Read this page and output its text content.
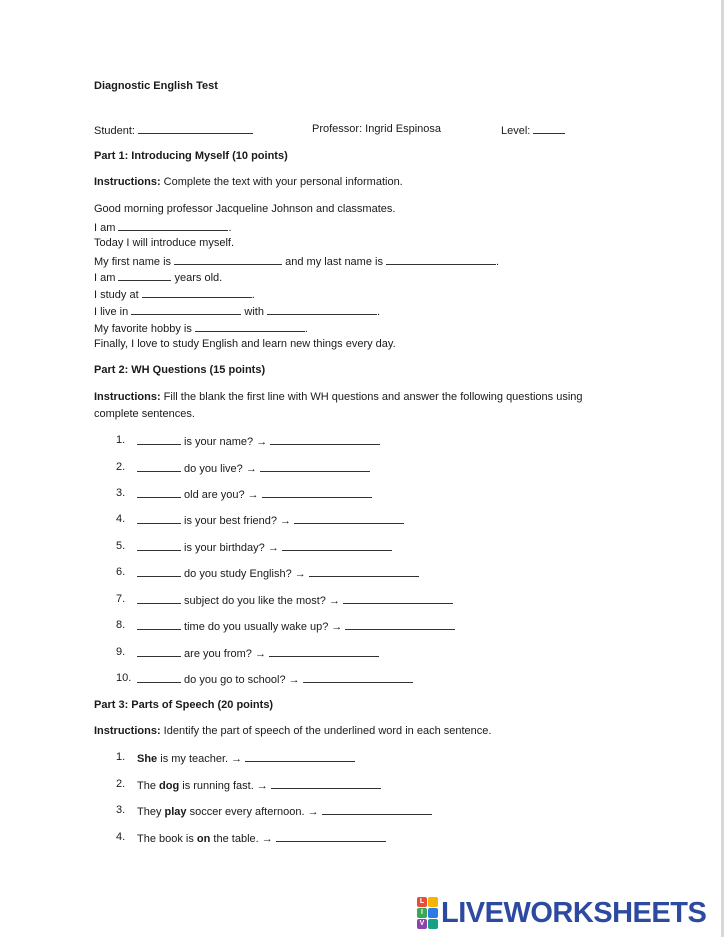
Diagnostic English Test
Student:	Professor: Ingrid Espinosa	Level:
Part 1: Introducing Myself (10 points)
Instructions: Complete the text with your personal information.
Good morning professor Jacqueline Johnson and classmates.
I am	.
Today I will introduce myself.
My first name is	and my last name is	.
I am	years old.
I study at	.
I live in	with	.
My favorite hobby is	.
Finally, I love to study English and learn new things every day.
Part 2: WH Questions (15 points)
Instructions: Fill the blank the first line with WH questions and answer the following questions using
complete sentences.
1.	is your name? →
2.	do you live? →
3.	old are you? →
4.	is your best friend? →
5.	is your birthday? →
6.	do you study English? →
7.	subject do you like the most? →
8.	time do you usually wake up? →
9.	are you from? →
10.	do you go to school? →
Part 3: Parts of Speech (20 points)
Instructions: Identify the part of speech of the underlined word in each sentence.
1.	She is my teacher. →
2.	The dog is running fast. →
3.	They play soccer every afternoon. →
4.	The book is on the table. →
L
I
V LIVEWORKSHEETS
